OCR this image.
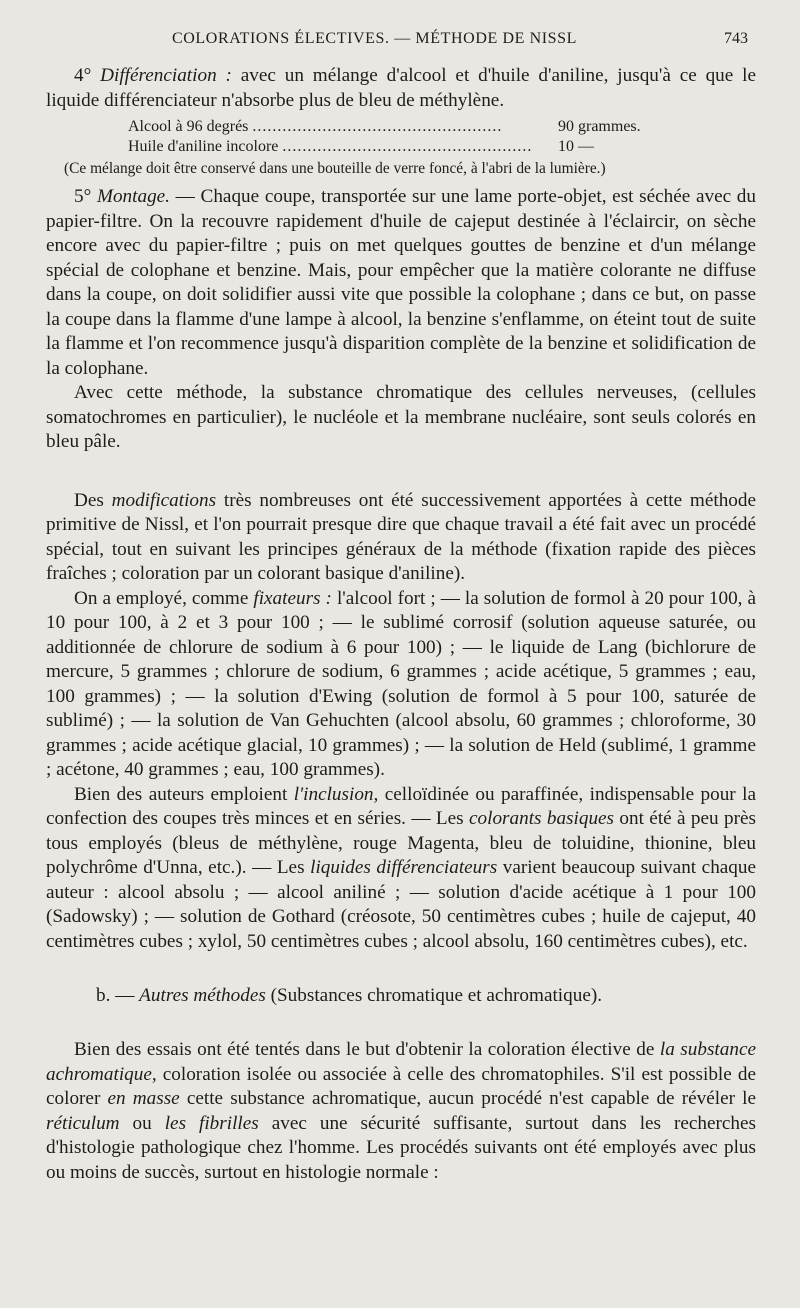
COLORATIONS ÉLECTIVES. — MÉTHODE DE NISSL	743

4° Différenciation : avec un mélange d'alcool et d'huile d'aniline, jusqu'à ce que le liquide différenciateur n'absorbe plus de bleu de méthylène.

Alcool à 96 degrés ..................................................	90 grammes.
Huile d'aniline incolore ..................................................	10 —

(Ce mélange doit être conservé dans une bouteille de verre foncé, à l'abri de la lumière.)

5° Montage. — Chaque coupe, transportée sur une lame porte-objet, est séchée avec du papier-filtre. On la recouvre rapidement d'huile de cajeput destinée à l'éclaircir, on sèche encore avec du papier-filtre ; puis on met quelques gouttes de benzine et d'un mélange spécial de colophane et benzine. Mais, pour empêcher que la matière colorante ne diffuse dans la coupe, on doit solidifier aussi vite que possible la colophane ; dans ce but, on passe la coupe dans la flamme d'une lampe à alcool, la benzine s'enflamme, on éteint tout de suite la flamme et l'on recommence jusqu'à disparition complète de la benzine et solidification de la colophane.

Avec cette méthode, la substance chromatique des cellules nerveuses, (cellules somatochromes en particulier), le nucléole et la membrane nucléaire, sont seuls colorés en bleu pâle.

Des modifications très nombreuses ont été successivement apportées à cette méthode primitive de Nissl, et l'on pourrait presque dire que chaque travail a été fait avec un procédé spécial, tout en suivant les principes généraux de la méthode (fixation rapide des pièces fraîches ; coloration par un colorant basique d'aniline).

On a employé, comme fixateurs : l'alcool fort ; — la solution de formol à 20 pour 100, à 10 pour 100, à 2 et 3 pour 100 ; — le sublimé corrosif (solution aqueuse saturée, ou additionnée de chlorure de sodium à 6 pour 100) ; — le liquide de Lang (bichlorure de mercure, 5 grammes ; chlorure de sodium, 6 grammes ; acide acétique, 5 grammes ; eau, 100 grammes) ; — la solution d'Ewing (solution de formol à 5 pour 100, saturée de sublimé) ; — la solution de Van Gehuchten (alcool absolu, 60 grammes ; chloroforme, 30 grammes ; acide acétique glacial, 10 grammes) ; — la solution de Held (sublimé, 1 gramme ; acétone, 40 grammes ; eau, 100 grammes).

Bien des auteurs emploient l'inclusion, celloïdinée ou paraffinée, indispensable pour la confection des coupes très minces et en séries. — Les colorants basiques ont été à peu près tous employés (bleus de méthylène, rouge Magenta, bleu de toluidine, thionine, bleu polychrôme d'Unna, etc.). — Les liquides différenciateurs varient beaucoup suivant chaque auteur : alcool absolu ; — alcool aniliné ; — solution d'acide acétique à 1 pour 100 (Sadowsky) ; — solution de Gothard (créosote, 50 centimètres cubes ; huile de cajeput, 40 centimètres cubes ; xylol, 50 centimètres cubes ; alcool absolu, 160 centimètres cubes), etc.

b. — Autres méthodes (Substances chromatique et achromatique).

Bien des essais ont été tentés dans le but d'obtenir la coloration élective de la substance achromatique, coloration isolée ou associée à celle des chromatophiles. S'il est possible de colorer en masse cette substance achromatique, aucun procédé n'est capable de révéler le réticulum ou les fibrilles avec une sécurité suffisante, surtout dans les recherches d'histologie pathologique chez l'homme. Les procédés suivants ont été employés avec plus ou moins de succès, surtout en histologie normale :
